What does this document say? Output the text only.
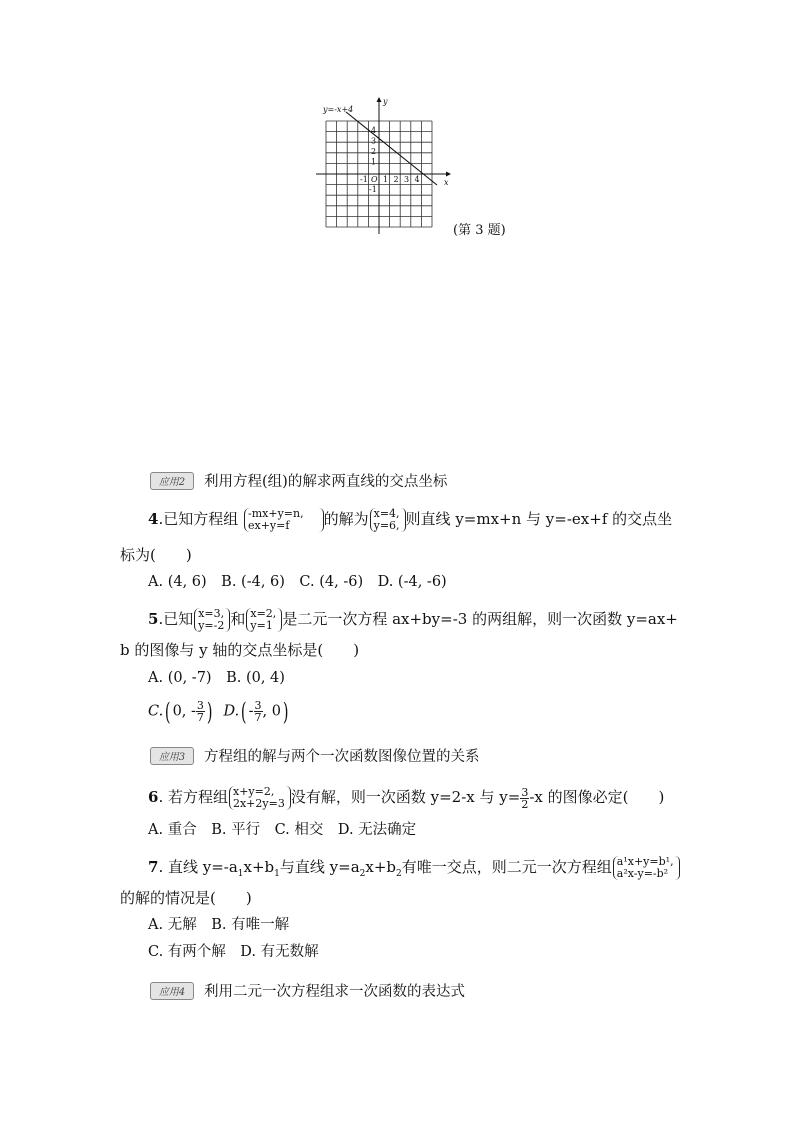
y=-x+4
x
y
O
-1 1 2 3 4
4
3
2
1
-1
(第 3 题)
应用2	利用方程(组)的解求两直线的交点坐标
4.已知方程组 -mx+y=n,
ex+y=f 的解为 x=4,
y=6, 则直线 y=mx+n 与 y=-ex+f 的交点坐
标为(　　)
A. (4, 6)　B. (-4, 6)　C. (4, -6)　D. (-4, -6)
5.已知 x=3,
y=-2 和 x=2,
y=1 是二元一次方程 ax+by=-3 的两组解，则一次函数 y=ax+
b 的图像与 y 轴的交点坐标是(　　)
A. (0, -7)　B. (0, 4)
C.( 0, - $\frac{3}{7}$ ) $D.( - \frac{3}{7}$ , 0)
应用3	方程组的解与两个一次函数图像位置的关系
6. 若方程组 x+y=2,
2x+2y=3 没有解，则一次函数 y=2-x 与 $y= \frac{3}{2} -x$ 的图像必定(　　)
A. 重合　B. 平行　C. 相交　D. 无法确定
7. 直线 $y=-a_1x+b_1$与直线 $y=a_2x+b_2$有唯一交点，则二元一次方程组 a¹x+y=b¹,
a²x-y=-b²
的解的情况是(　　)
A. 无解　B. 有唯一解
C. 有两个解　D. 有无数解
应用4	利用二元一次方程组求一次函数的表达式
